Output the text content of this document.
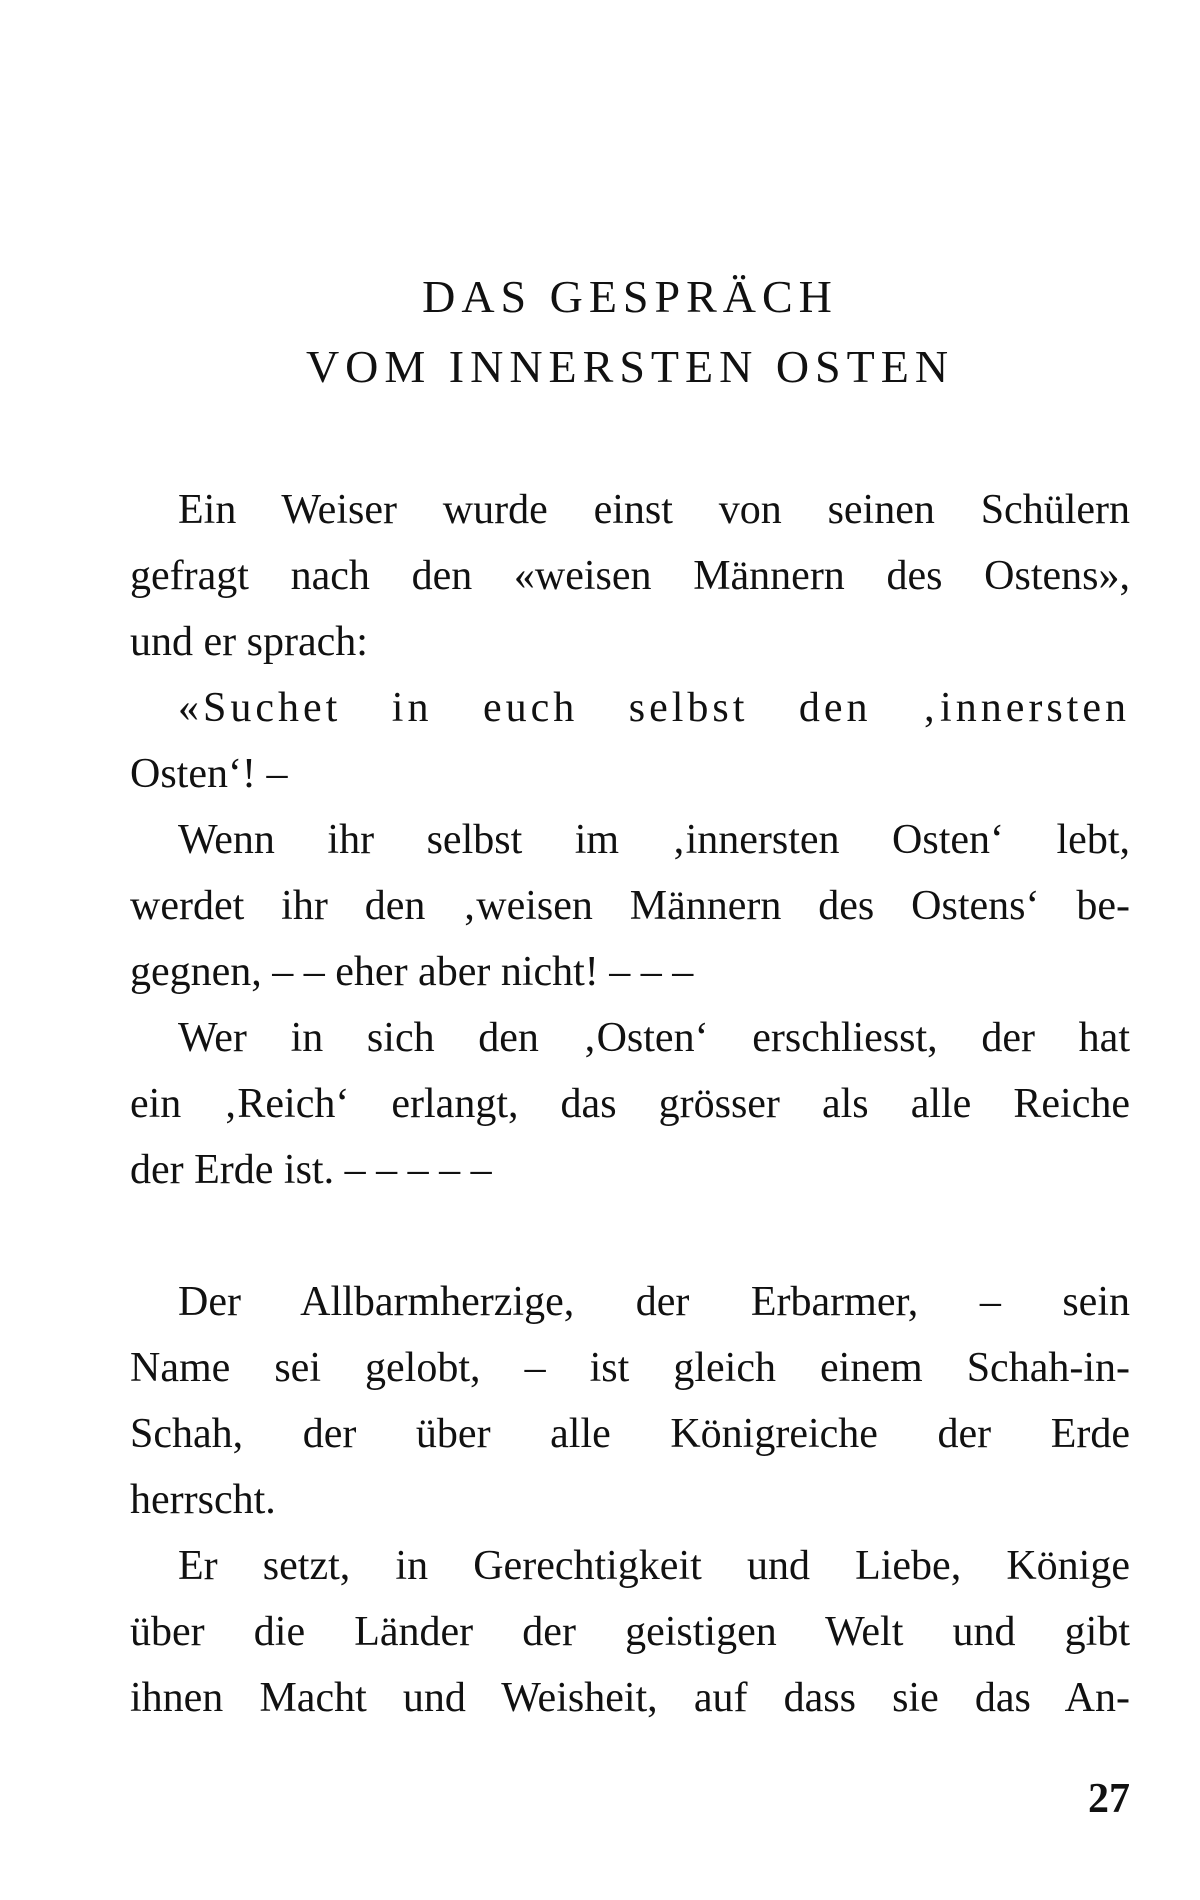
DAS GESPRÄCH
VOM INNERSTEN OSTEN
Ein Weiser wurde einst von seinen Schülern
gefragt nach den «weisen Männern des Ostens»,
und er sprach:
«Suchet in euch selbst den ‚innersten
Osten‘! –
Wenn ihr selbst im ‚innersten Osten‘ lebt,
werdet ihr den ‚weisen Männern des Ostens‘ be-
gegnen, – – eher aber nicht! – – –
Wer in sich den ‚Osten‘ erschliesst, der hat
ein ‚Reich‘ erlangt, das grösser als alle Reiche
der Erde ist. – – – – –
Der Allbarmherzige, der Erbarmer, – sein
Name sei gelobt, – ist gleich einem Schah-in-
Schah, der über alle Königreiche der Erde
herrscht.
Er setzt, in Gerechtigkeit und Liebe, Könige
über die Länder der geistigen Welt und gibt
ihnen Macht und Weisheit, auf dass sie das An-
27
